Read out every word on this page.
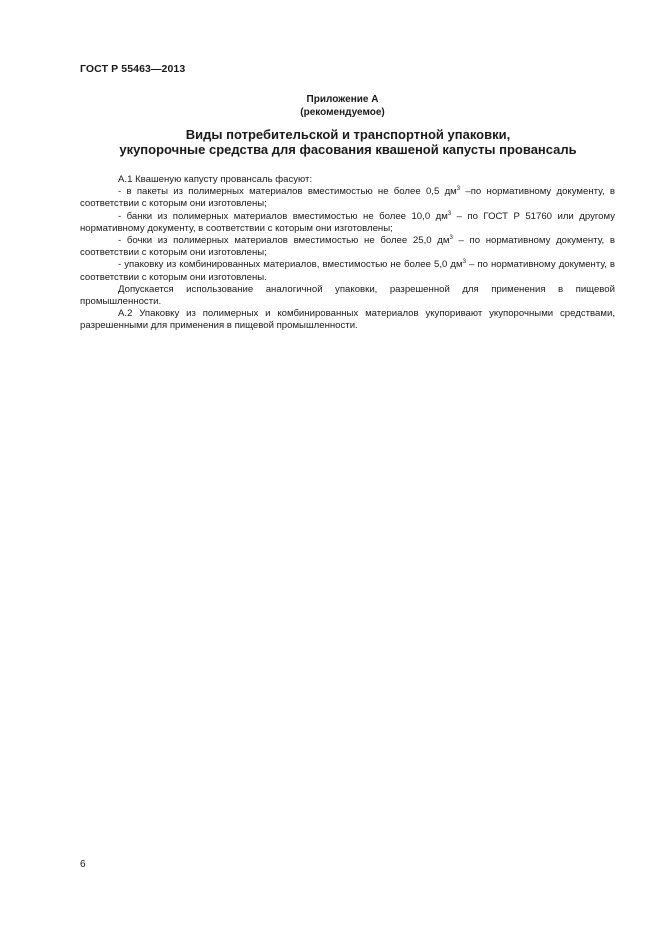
ГОСТ Р 55463—2013
Приложение А
(рекомендуемое)
Виды потребительской и транспортной упаковки,
укупорочные средства для фасования квашеной капусты провансаль

А.1 Квашеную капусту провансаль фасуют:

- в пакеты из полимерных материалов вместимостью не более 0,5 $дм^3$ –по нормативному документу, в соответствии с которым они изготовлены;

- банки из полимерных материалов вместимостью не более 10,0 $дм^3$ – по ГОСТ Р 51760 или другому нормативному документу, в соответствии с которым они изготовлены;

- бочки из полимерных материалов вместимостью не более 25,0 $дм^3$ – по нормативному документу, в соответствии с которым они изготовлены;

- упаковку из комбинированных материалов, вместимостью не более 5,0 $дм^3$ – по нормативному документу, в соответствии с которым они изготовлены.

Допускается использование аналогичной упаковки, разрешенной для применения в пищевой промышленности.

А.2 Упаковку из полимерных и комбинированных материалов укупоривают укупорочными средствами, разрешенными для применения в пищевой промышленности.

6
